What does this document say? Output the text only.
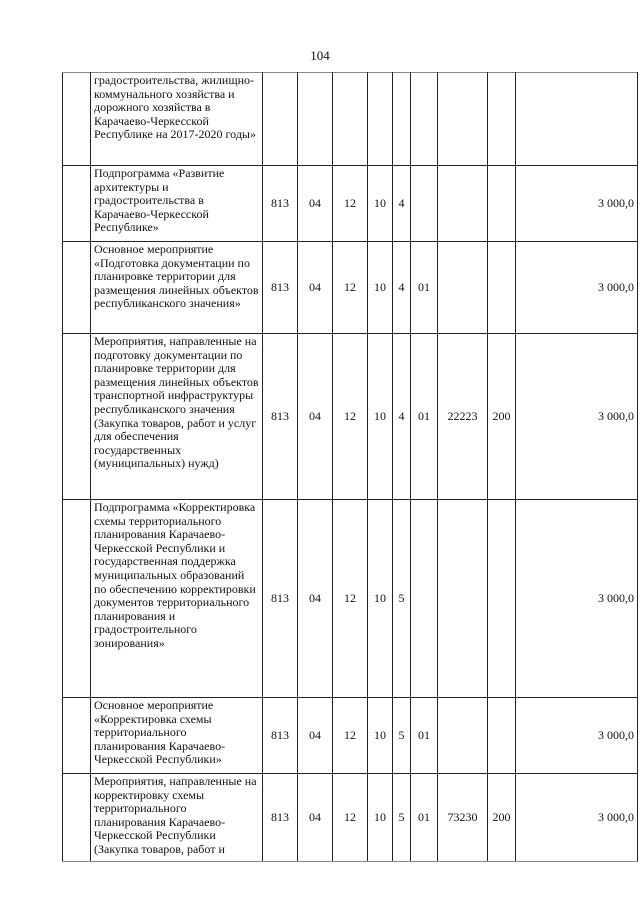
104
	градостроительства, жилищно-коммунального хозяйства и дорожного хозяйства в Карачаево-Черкесской Республике на 2017-2020 годы»									
	Подпрограмма «Развитие архитектуры и градостроительства в Карачаево-Черкесской Республике»	813	04	12	10	4				3 000,0
	Основное мероприятие «Подготовка документации по планировке территории для размещения линейных объектов республиканского значения»	813	04	12	10	4	01			3 000,0
	Мероприятия, направленные на подготовку документации по планировке территории для размещения линейных объектов транспортной инфраструктуры республиканского значения (Закупка товаров, работ и услуг для обеспечения государственных (муниципальных) нужд)	813	04	12	10	4	01	22223	200	3 000,0
	Подпрограмма «Корректировка схемы территориального планирования Карачаево-Черкесской Республики и государственная поддержка муниципальных образований по обеспечению корректировки документов территориального планирования и градостроительного зонирования»	813	04	12	10	5				3 000,0
	Основное мероприятие «Корректировка схемы территориального планирования Карачаево-Черкесской Республики»	813	04	12	10	5	01			3 000,0
	Мероприятия, направленные на корректировку схемы территориального планирования Карачаево-Черкесской Республики (Закупка товаров, работ и	813	04	12	10	5	01	73230	200	3 000,0
